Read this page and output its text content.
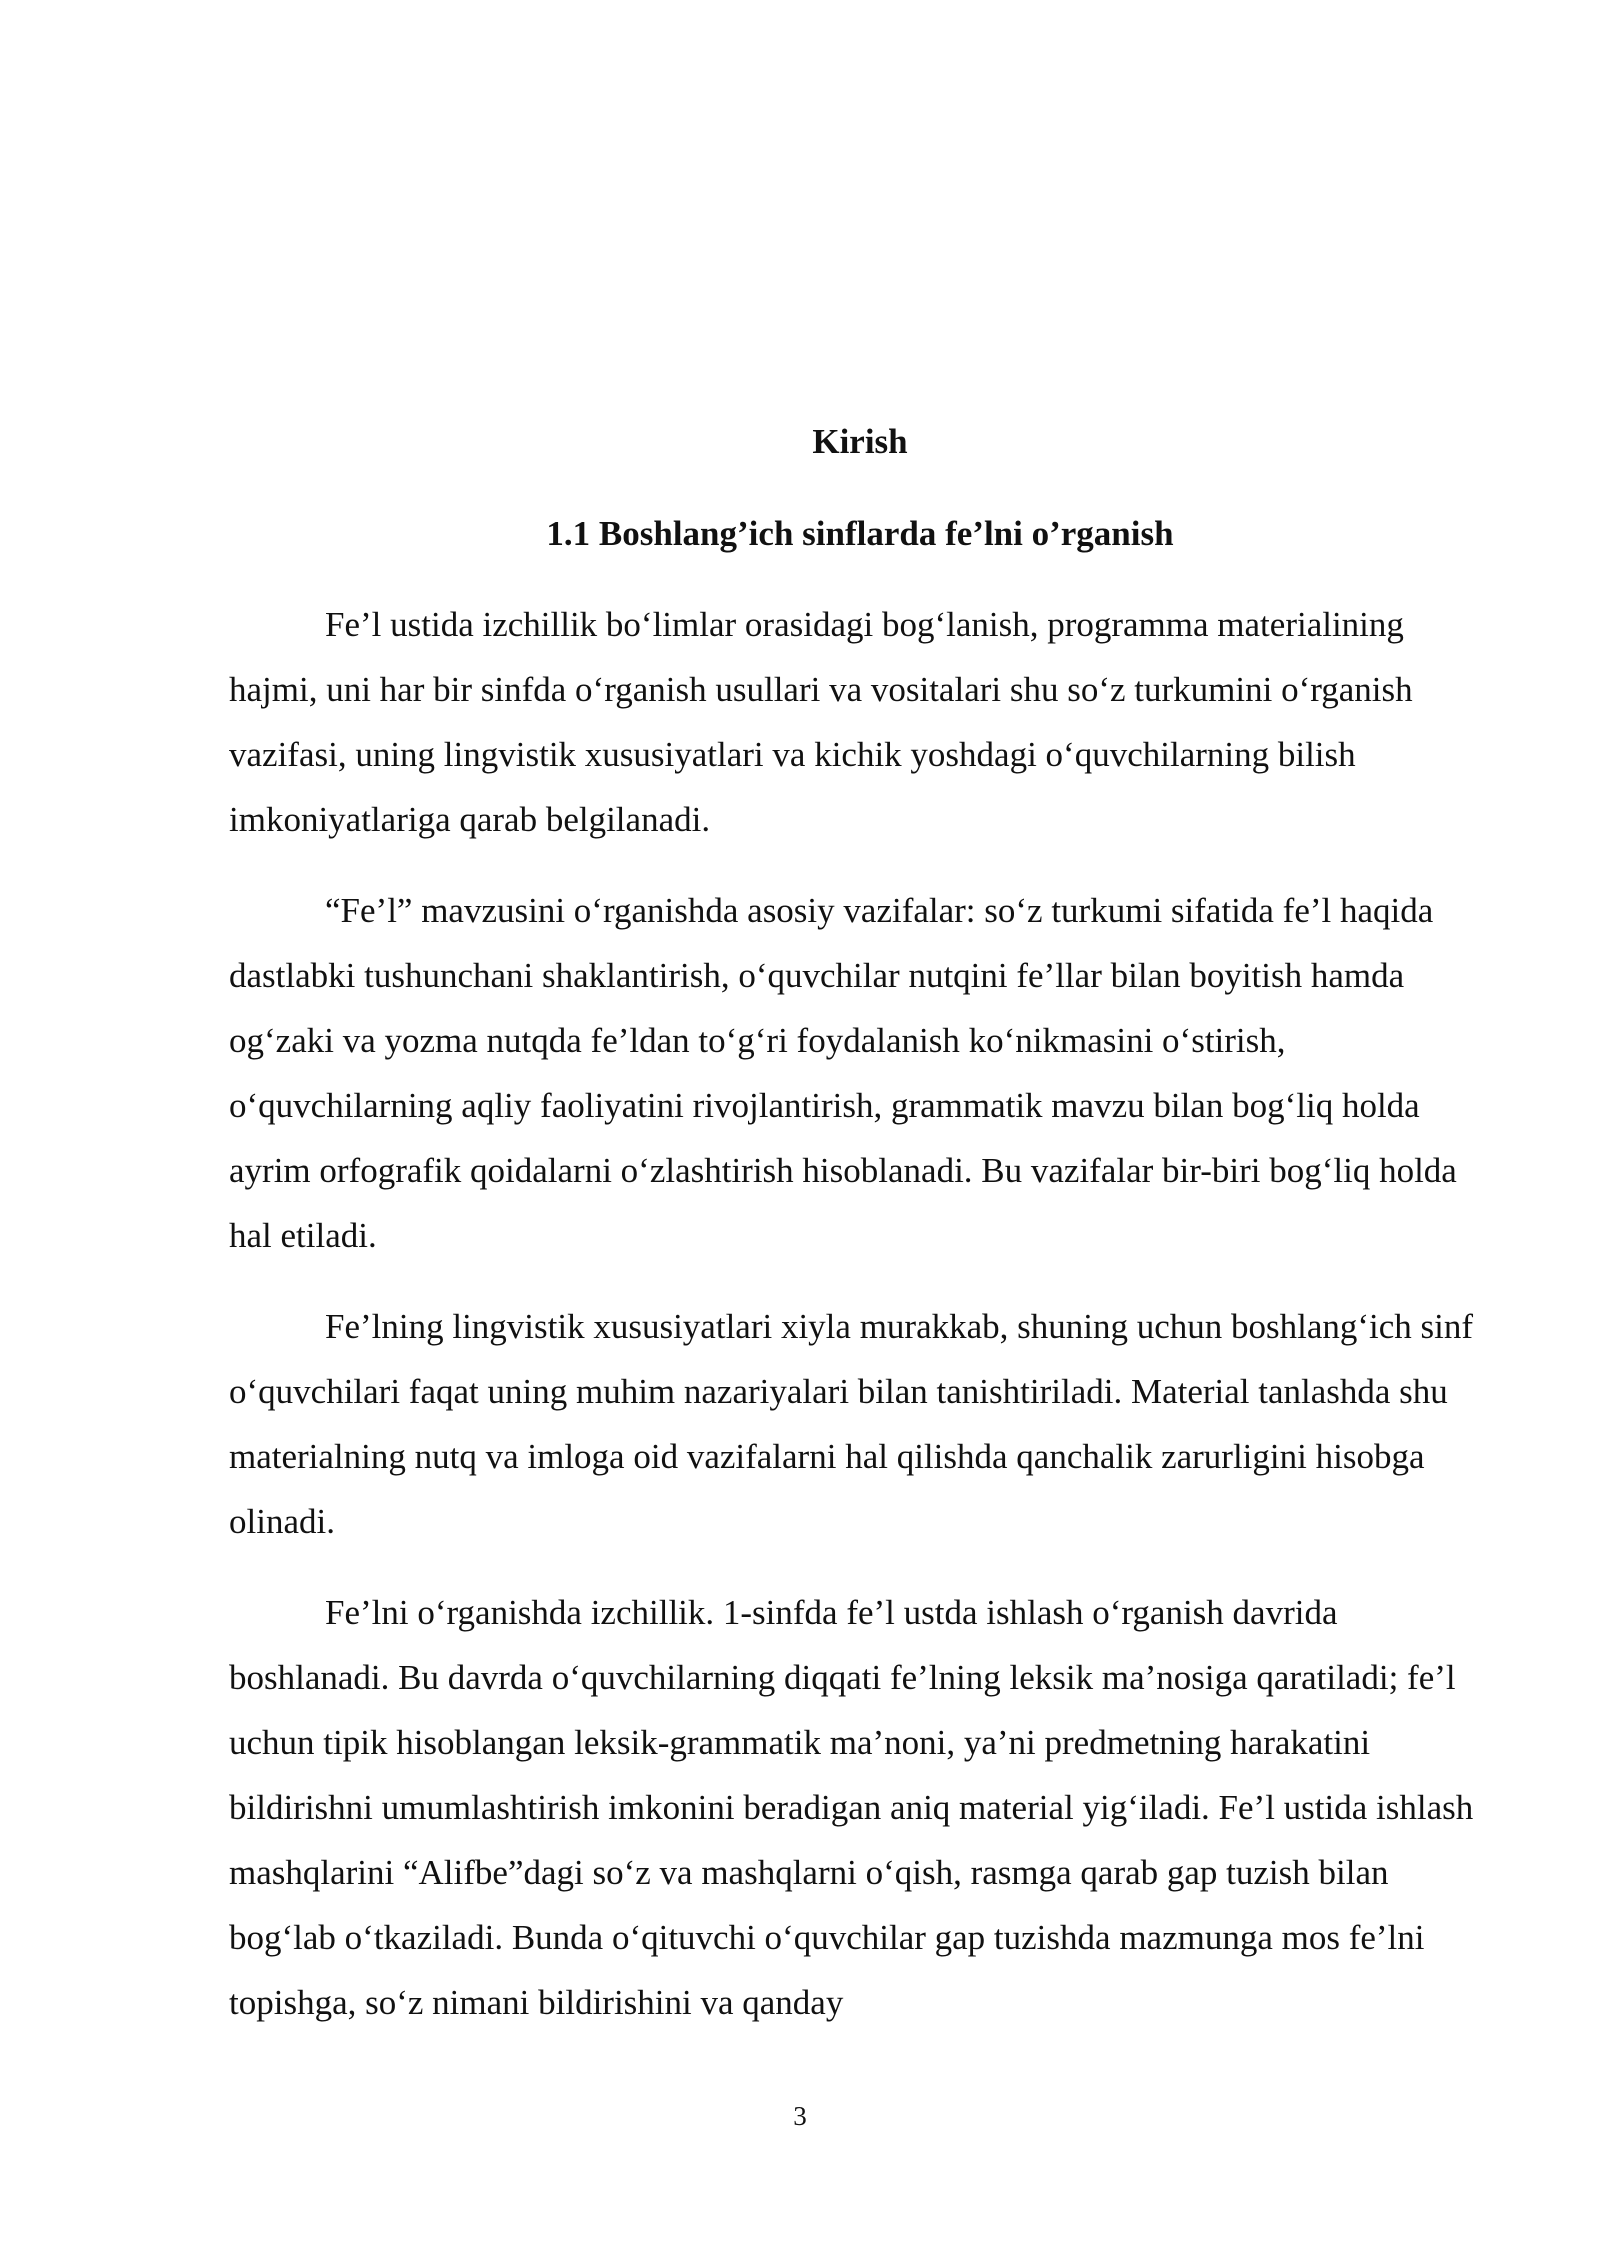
Kirish
1.1 Boshlang’ich sinflarda fe’lni o’rganish

Fe’l ustida izchillik bo‘limlar orasidagi bog‘lanish, programma materialining hajmi, uni har bir sinfda o‘rganish usullari va vositalari shu so‘z turkumini o‘rganish vazifasi, uning lingvistik xususiyatlari va kichik yoshdagi o‘quvchilarning bilish imkoniyatlariga qarab belgilanadi.

“Fe’l” mavzusini o‘rganishda asosiy vazifalar: so‘z turkumi sifatida fe’l haqida dastlabki tushunchani shaklantirish, o‘quvchilar nutqini fe’llar bilan boyitish hamda og‘zaki va yozma nutqda fe’ldan to‘g‘ri foydalanish ko‘nikmasini o‘stirish, o‘quvchilarning aqliy faoliyatini rivojlantirish, grammatik mavzu bilan bog‘liq holda ayrim orfografik qoidalarni o‘zlashtirish hisoblanadi. Bu vazifalar bir-biri bog‘liq holda hal etiladi.

Fe’lning lingvistik xususiyatlari xiyla murakkab, shuning uchun boshlang‘ich sinf o‘quvchilari faqat uning muhim nazariyalari bilan tanishtiriladi. Material tanlashda shu materialning nutq va imloga oid vazifalarni hal qilishda qanchalik zarurligini hisobga olinadi.

Fe’lni o‘rganishda izchillik. 1-sinfda fe’l ustda ishlash o‘rganish davrida boshlanadi. Bu davrda o‘quvchilarning diqqati fe’lning leksik ma’nosiga qaratiladi; fe’l uchun tipik hisoblangan leksik-grammatik ma’noni, ya’ni predmetning harakatini bildirishni umumlashtirish imkonini beradigan aniq material yig‘iladi. Fe’l ustida ishlash mashqlarini “Alifbe”dagi so‘z va mashqlarni o‘qish, rasmga qarab gap tuzish bilan bog‘lab o‘tkaziladi. Bunda o‘qituvchi o‘quvchilar gap tuzishda mazmunga mos fe’lni topishga, so‘z nimani bildirishini va qanday

3
